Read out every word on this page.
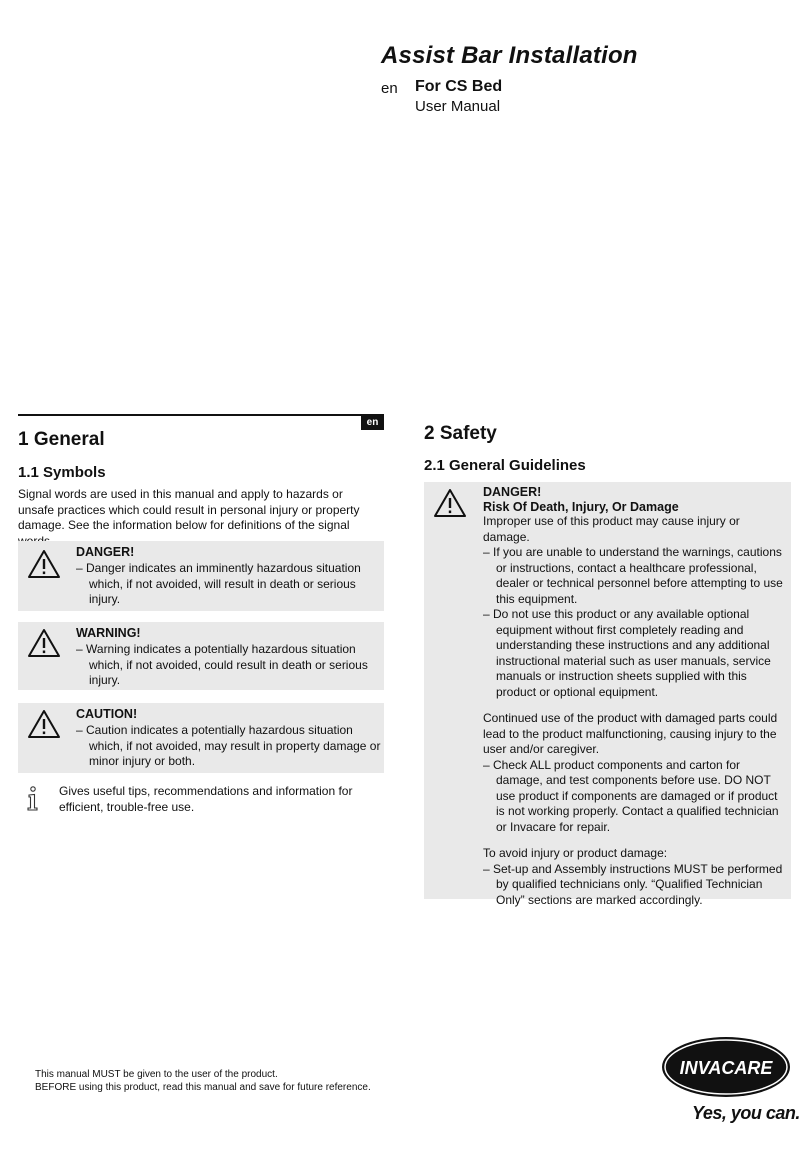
Assist Bar Installation
en For CS Bed
User Manual
en
1 General
1.1 Symbols
Signal words are used in this manual and apply to hazards or unsafe practices which could result in personal injury or property damage. See the information below for definitions of the signal
DANGER!
– Danger indicates an imminently hazardous situation which, if not avoided, will result in death or serious injury.
WARNING!
– Warning indicates a potentially hazardous situation which, if not avoided, could result in death or serious injury.
CAUTION!
– Caution indicates a potentially hazardous situation which, if not avoided, may result in property damage or minor injury or both.
Gives useful tips, recommendations and information for efficient, trouble-free use.
2 Safety
2.1 General Guidelines
DANGER!
Risk Of Death, Injury, Or Damage
Improper use of this product may cause injury or damage.
– If you are unable to understand the warnings, cautions or instructions, contact a healthcare professional, dealer or technical personnel before attempting to use this equipment.
– Do not use this product or any available optional equipment without first completely reading and understanding these instructions and any additional instructional material such as user manuals, service manuals or instruction sheets supplied with this product or optional equipment.
Continued use of the product with damaged parts could lead to the product malfunctioning, causing injury to the user and/or caregiver.
– Check ALL product components and carton for damage, and test components before use. DO NOT use product if components are damaged or if product is not working properly. Contact a qualified technician or Invacare for repair.
To avoid injury or product damage:
– Set-up and Assembly instructions MUST be performed by qualified technicians only. “Qualified Technician Only” sections are marked accordingly.
This manual MUST be given to the user of the product.
BEFORE using this product, read this manual and save for future reference.
INVACARE
Yes, you can.
